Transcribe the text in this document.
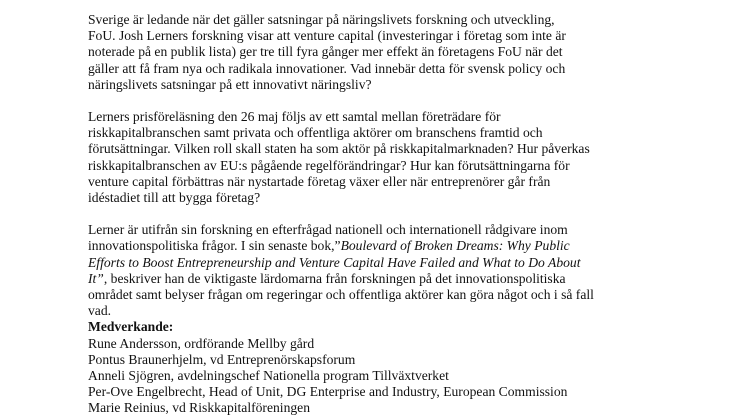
Sverige är ledande när det gäller satsningar på näringslivets forskning och utveckling,
FoU. Josh Lerners forskning visar att venture capital (investeringar i företag som inte är
noterade på en publik lista) ger tre till fyra gånger mer effekt än företagens FoU när det
gäller att få fram nya och radikala innovationer. Vad innebär detta för svensk policy och
näringslivets satsningar på ett innovativt näringsliv?

Lerners prisföreläsning den 26 maj följs av ett samtal mellan företrädare för
riskkapitalbranschen samt privata och offentliga aktörer om branschens framtid och
förutsättningar. Vilken roll skall staten ha som aktör på riskkapitalmarknaden? Hur påverkas
riskkapitalbranschen av EU:s pågående regelförändringar? Hur kan förutsättningarna för
venture capital förbättras när nystartade företag växer eller när entreprenörer går från
idéstadiet till att bygga företag?

Lerner är utifrån sin forskning en efterfrågad nationell och internationell rådgivare inom
innovationspolitiska frågor. I sin senaste bok,”Boulevard of Broken Dreams: Why Public
Efforts to Boost Entrepreneurship and Venture Capital Have Failed and What to Do About
It”, beskriver han de viktigaste lärdomarna från forskningen på det innovationspolitiska
området samt belyser frågan om regeringar och offentliga aktörer kan göra något och i så fall
vad.

Medverkande:
Rune Andersson, ordförande Mellby gård
Pontus Braunerhjelm, vd Entreprenörskapsforum
Anneli Sjögren, avdelningschef Nationella program Tillväxtverket
Per-Ove Engelbrecht, Head of Unit, DG Enterprise and Industry, European Commission
Marie Reinius, vd Riskkapitalföreningen
